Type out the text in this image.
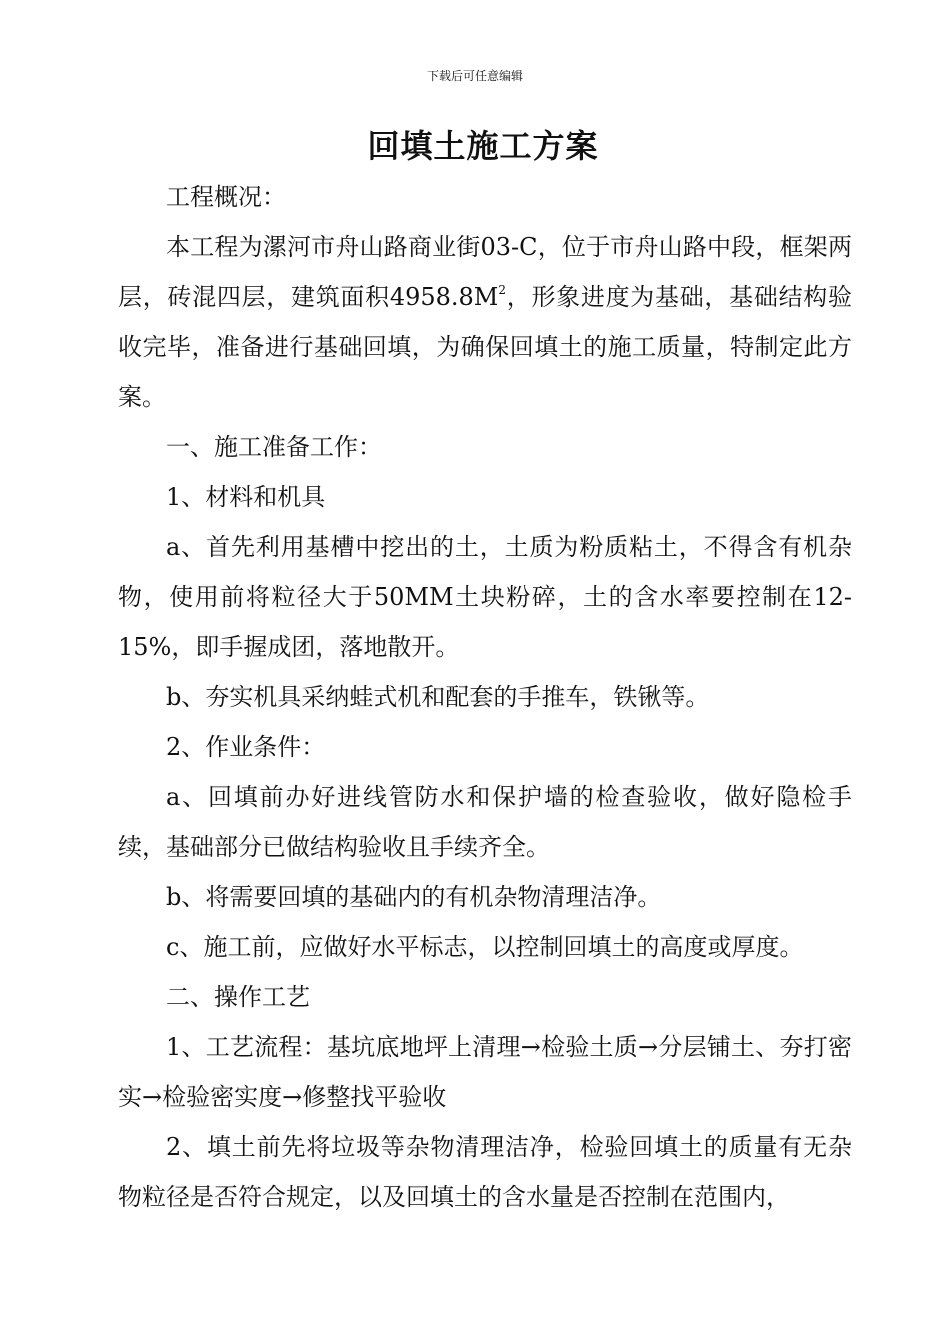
下载后可任意编辑
回填土施工方案

工程概况：

本工程为漯河市舟山路商业街03-C，位于市舟山路中段，框架两层，砖混四层，建筑面积$4958.8M^2$，形象进度为基础，基础结构验收完毕，准备进行基础回填，为确保回填土的施工质量，特制定此方案。

一、施工准备工作：

1、材料和机具

a、首先利用基槽中挖出的土，土质为粉质粘土，不得含有机杂物，使用前将粒径大于50MM土块粉碎，土的含水率要控制在12-15%，即手握成团，落地散开。

b、夯实机具采纳蛙式机和配套的手推车，铁锹等。

2、作业条件：

a、回填前办好进线管防水和保护墙的检查验收，做好隐检手续，基础部分已做结构验收且手续齐全。

b、将需要回填的基础内的有机杂物清理洁净。

c、施工前，应做好水平标志，以控制回填土的高度或厚度。

二、操作工艺

1、工艺流程：基坑底地坪上清理→检验土质→分层铺土、夯打密实→检验密实度→修整找平验收

2、填土前先将垃圾等杂物清理洁净，检验回填土的质量有无杂物粒径是否符合规定，以及回填土的含水量是否控制在范围内，
